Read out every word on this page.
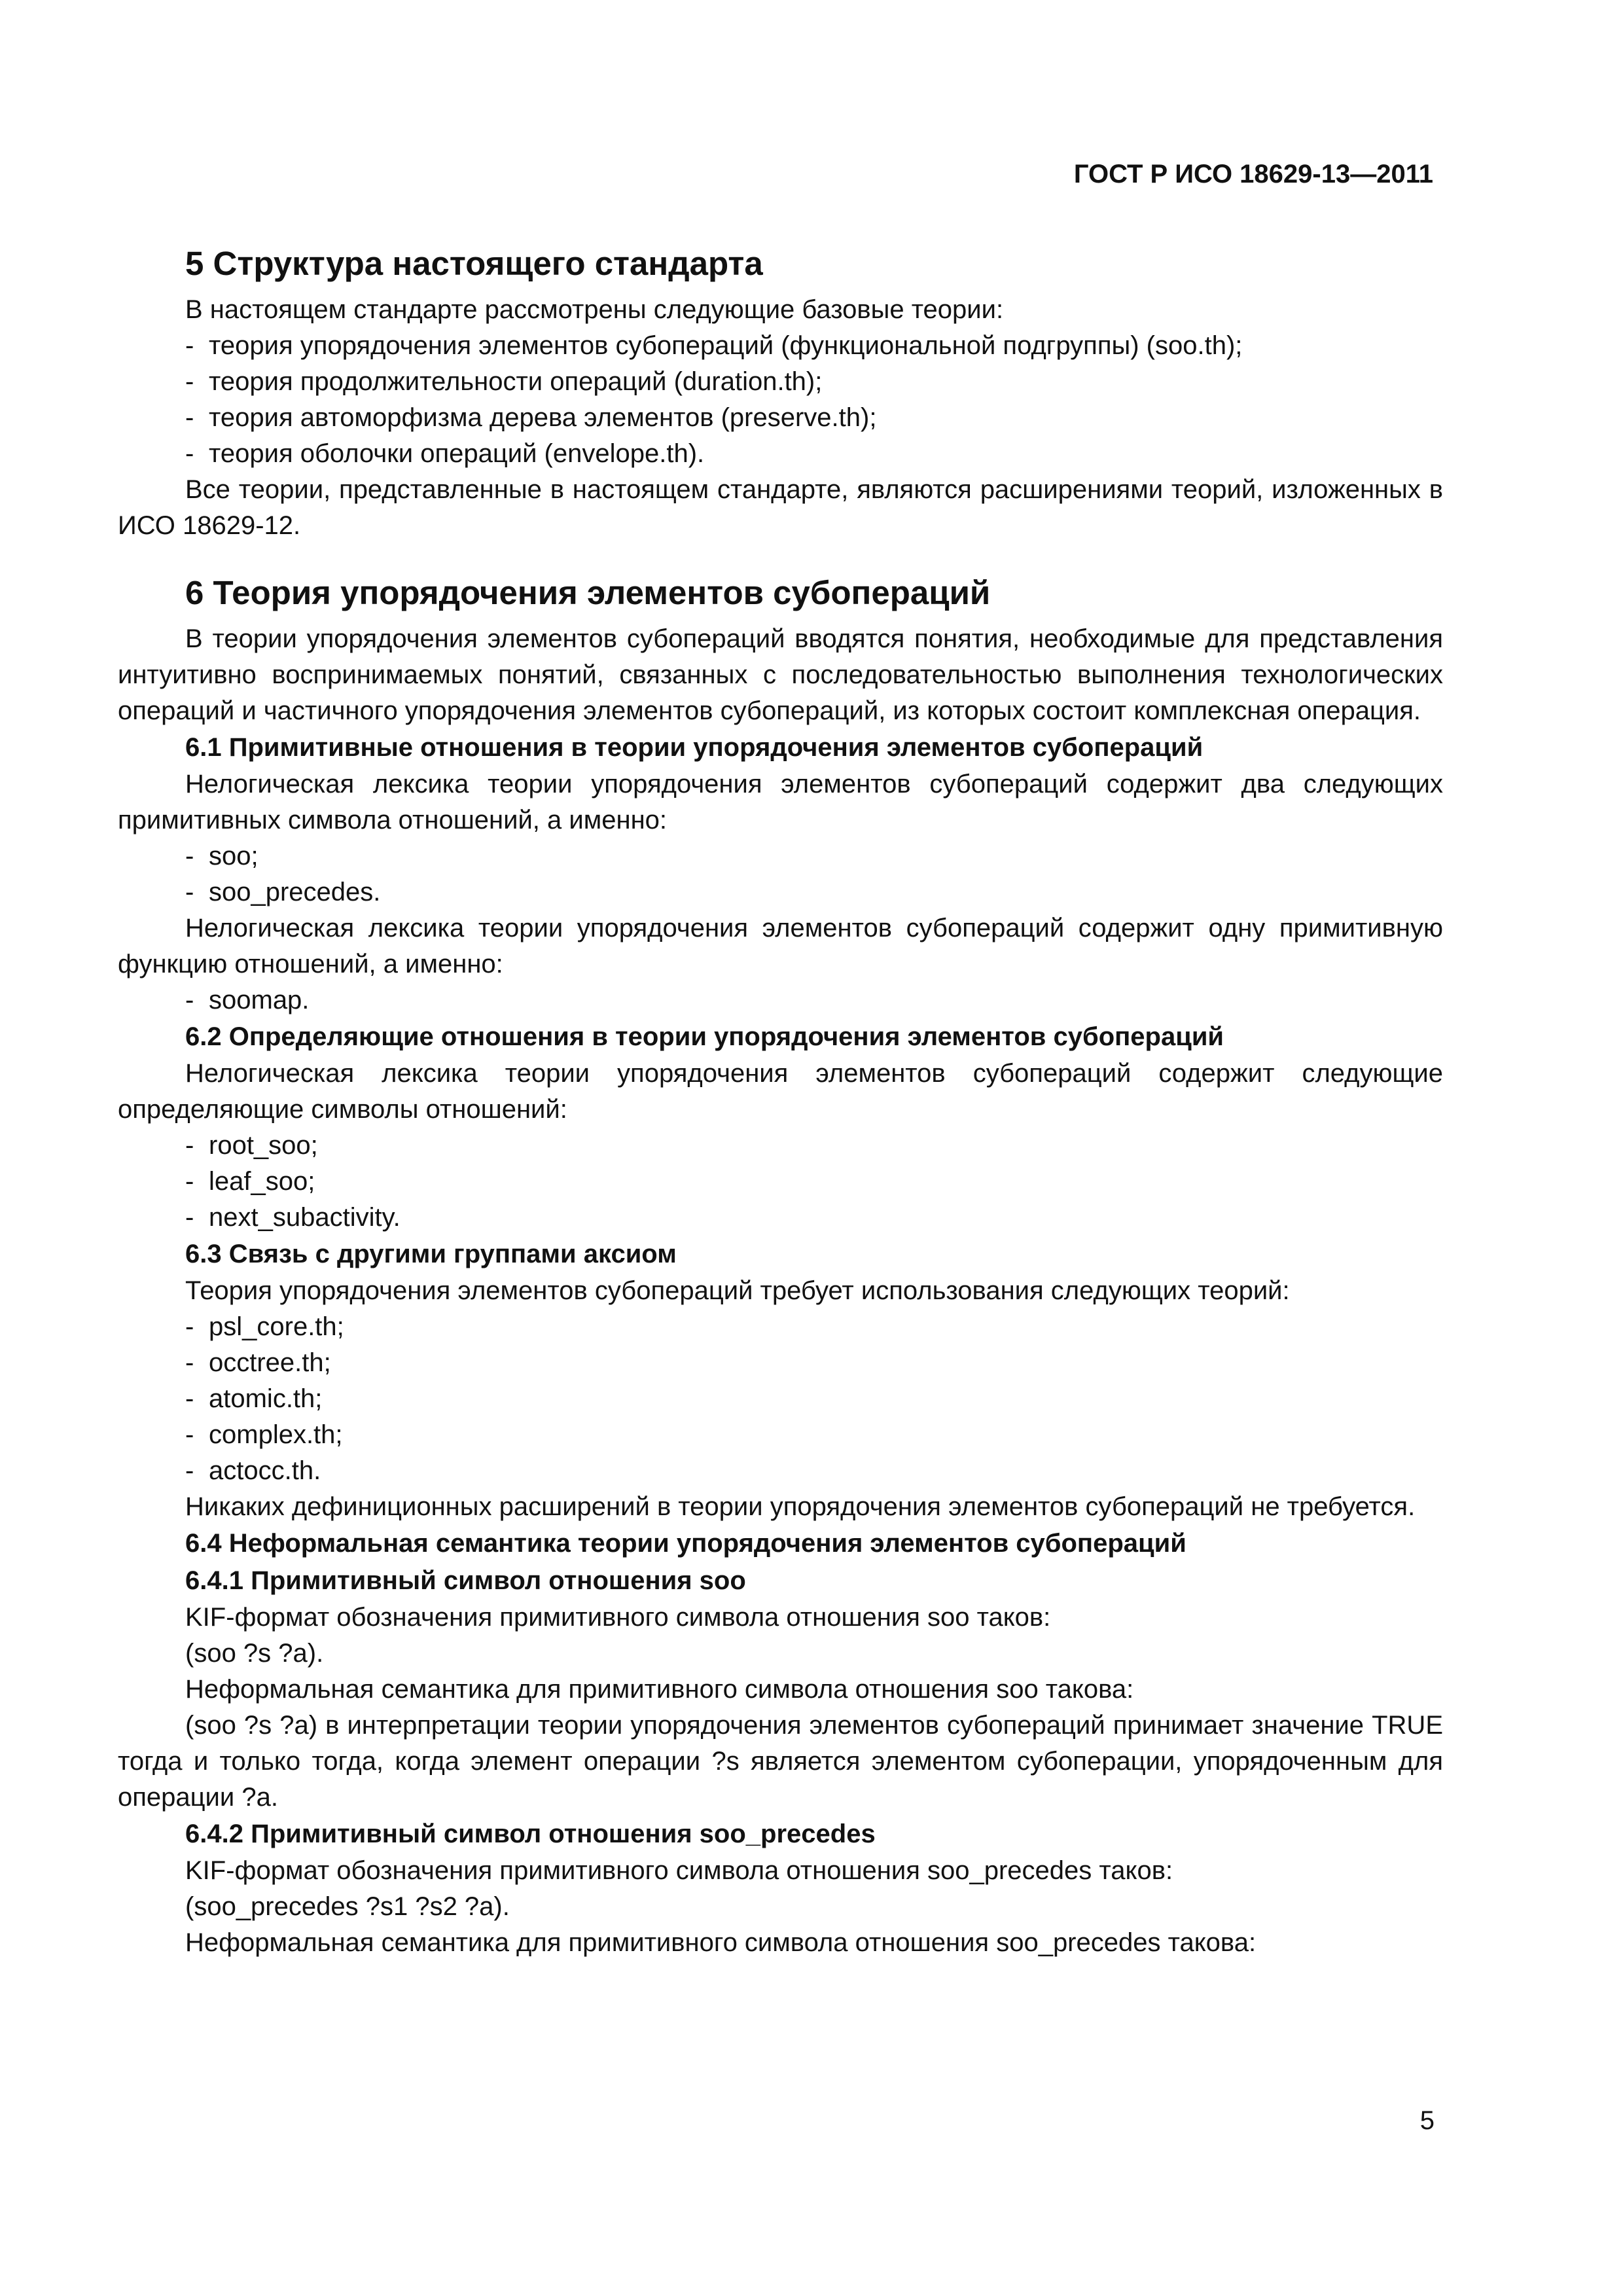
ГОСТ Р ИСО 18629-13—2011
5 Структура настоящего стандарта

В настоящем стандарте рассмотрены следующие базовые теории:

- теория упорядочения элементов субопераций (функциональной подгруппы) (soo.th);
- теория продолжительности операций (duration.th);
- теория автоморфизма дерева элементов (preserve.th);
- теория оболочки операций (envelope.th).

Все теории, представленные в настоящем стандарте, являются расширениями теорий, изложенных в ИСО 18629-12.

6 Теория упорядочения элементов субопераций

В теории упорядочения элементов субопераций вводятся понятия, необходимые для представления интуитивно воспринимаемых понятий, связанных с последовательностью выполнения технологических операций и частичного упорядочения элементов субопераций, из которых состоит комплексная операция.

6.1 Примитивные отношения в теории упорядочения элементов субопераций

Нелогическая лексика теории упорядочения элементов субопераций содержит два следующих примитивных символа отношений, а именно:

- soo;
- soo_precedes.

Нелогическая лексика теории упорядочения элементов субопераций содержит одну примитивную функцию отношений, а именно:

- soomap.
6.2 Определяющие отношения в теории упорядочения элементов субопераций

Нелогическая лексика теории упорядочения элементов субопераций содержит следующие определяющие символы отношений:

- root_soo;
- leaf_soo;
- next_subactivity.
6.3 Связь с другими группами аксиом

Теория упорядочения элементов субопераций требует использования следующих теорий:

- psl_core.th;
- occtree.th;
- atomic.th;
- complex.th;
- actocc.th.

Никаких дефиниционных расширений в теории упорядочения элементов субопераций не требуется.

6.4 Неформальная семантика теории упорядочения элементов субопераций
6.4.1 Примитивный символ отношения soo

KIF-формат обозначения примитивного символа отношения soo таков:

(soo ?s ?a).

Неформальная семантика для примитивного символа отношения soo такова:

(soo ?s ?a) в интерпретации теории упорядочения элементов субопераций принимает значение TRUE тогда и только тогда, когда элемент операции ?s является элементом субоперации, упорядоченным для операции ?a.

6.4.2 Примитивный символ отношения soo_precedes

KIF-формат обозначения примитивного символа отношения soo_precedes таков:

(soo_precedes ?s1 ?s2 ?a).

Неформальная семантика для примитивного символа отношения soo_precedes такова:

5
